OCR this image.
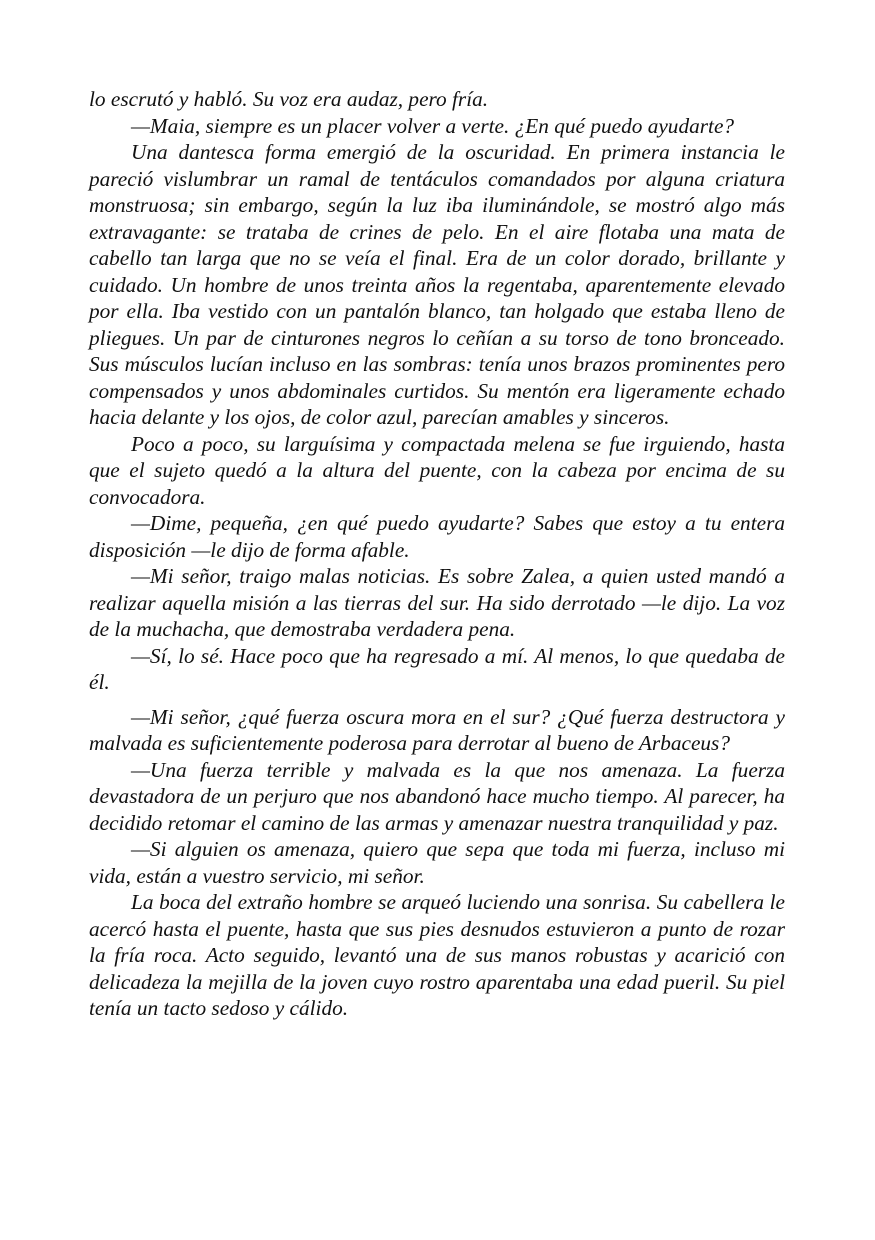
lo escrutó y habló. Su voz era audaz, pero fría.

—Maia, siempre es un placer volver a verte. ¿En qué puedo ayudarte?

Una dantesca forma emergió de la oscuridad. En primera instancia le pareció vislumbrar un ramal de tentáculos comandados por alguna criatura monstruosa; sin embargo, según la luz iba iluminándole, se mostró algo más extravagante: se trataba de crines de pelo. En el aire flotaba una mata de cabello tan larga que no se veía el final. Era de un color dorado, brillante y cuidado. Un hombre de unos treinta años la regentaba, aparentemente elevado por ella. Iba vestido con un pantalón blanco, tan holgado que estaba lleno de pliegues. Un par de cinturones negros lo ceñían a su torso de tono bronceado. Sus músculos lucían incluso en las sombras: tenía unos brazos prominentes pero compensados y unos abdominales curtidos. Su mentón era ligeramente echado hacia delante y los ojos, de color azul, parecían amables y sinceros.

Poco a poco, su larguísima y compactada melena se fue irguiendo, hasta que el sujeto quedó a la altura del puente, con la cabeza por encima de su convocadora.

—Dime, pequeña, ¿en qué puedo ayudarte? Sabes que estoy a tu entera disposición —le dijo de forma afable.

—Mi señor, traigo malas noticias. Es sobre Zalea, a quien usted mandó a realizar aquella misión a las tierras del sur. Ha sido derrotado —le dijo. La voz de la muchacha, que demostraba verdadera pena.

—Sí, lo sé. Hace poco que ha regresado a mí. Al menos, lo que quedaba de él.

—Mi señor, ¿qué fuerza oscura mora en el sur? ¿Qué fuerza destructora y malvada es suficientemente poderosa para derrotar al bueno de Arbaceus?

—Una fuerza terrible y malvada es la que nos amenaza. La fuerza devastadora de un perjuro que nos abandonó hace mucho tiempo. Al parecer, ha decidido retomar el camino de las armas y amenazar nuestra tranquilidad y paz.

—Si alguien os amenaza, quiero que sepa que toda mi fuerza, incluso mi vida, están a vuestro servicio, mi señor.

La boca del extraño hombre se arqueó luciendo una sonrisa. Su cabellera le acercó hasta el puente, hasta que sus pies desnudos estuvieron a punto de rozar la fría roca. Acto seguido, levantó una de sus manos robustas y acarició con delicadeza la mejilla de la joven cuyo rostro aparentaba una edad pueril. Su piel tenía un tacto sedoso y cálido.
